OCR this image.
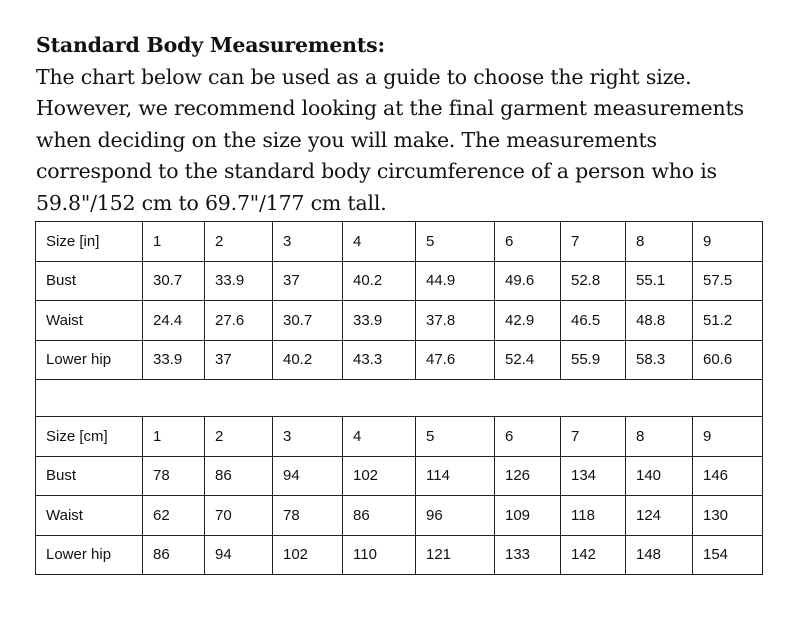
Standard Body Measurements:
The chart below can be used as a guide to choose the right size. However, we recommend looking at the final garment measurements when deciding on the size you will make. The measurements correspond to the standard body circumference of a person who is 59.8"/152 cm to 69.7"/177 cm tall.
Size [in]	1	2	3	4	5	6	7	8	9
Bust	30.7	33.9	37	40.2	44.9	49.6	52.8	55.1	57.5
Waist	24.4	27.6	30.7	33.9	37.8	42.9	46.5	48.8	51.2
Lower hip	33.9	37	40.2	43.3	47.6	52.4	55.9	58.3	60.6

Size [cm]	1	2	3	4	5	6	7	8	9
Bust	78	86	94	102	114	126	134	140	146
Waist	62	70	78	86	96	109	118	124	130
Lower hip	86	94	102	110	121	133	142	148	154
